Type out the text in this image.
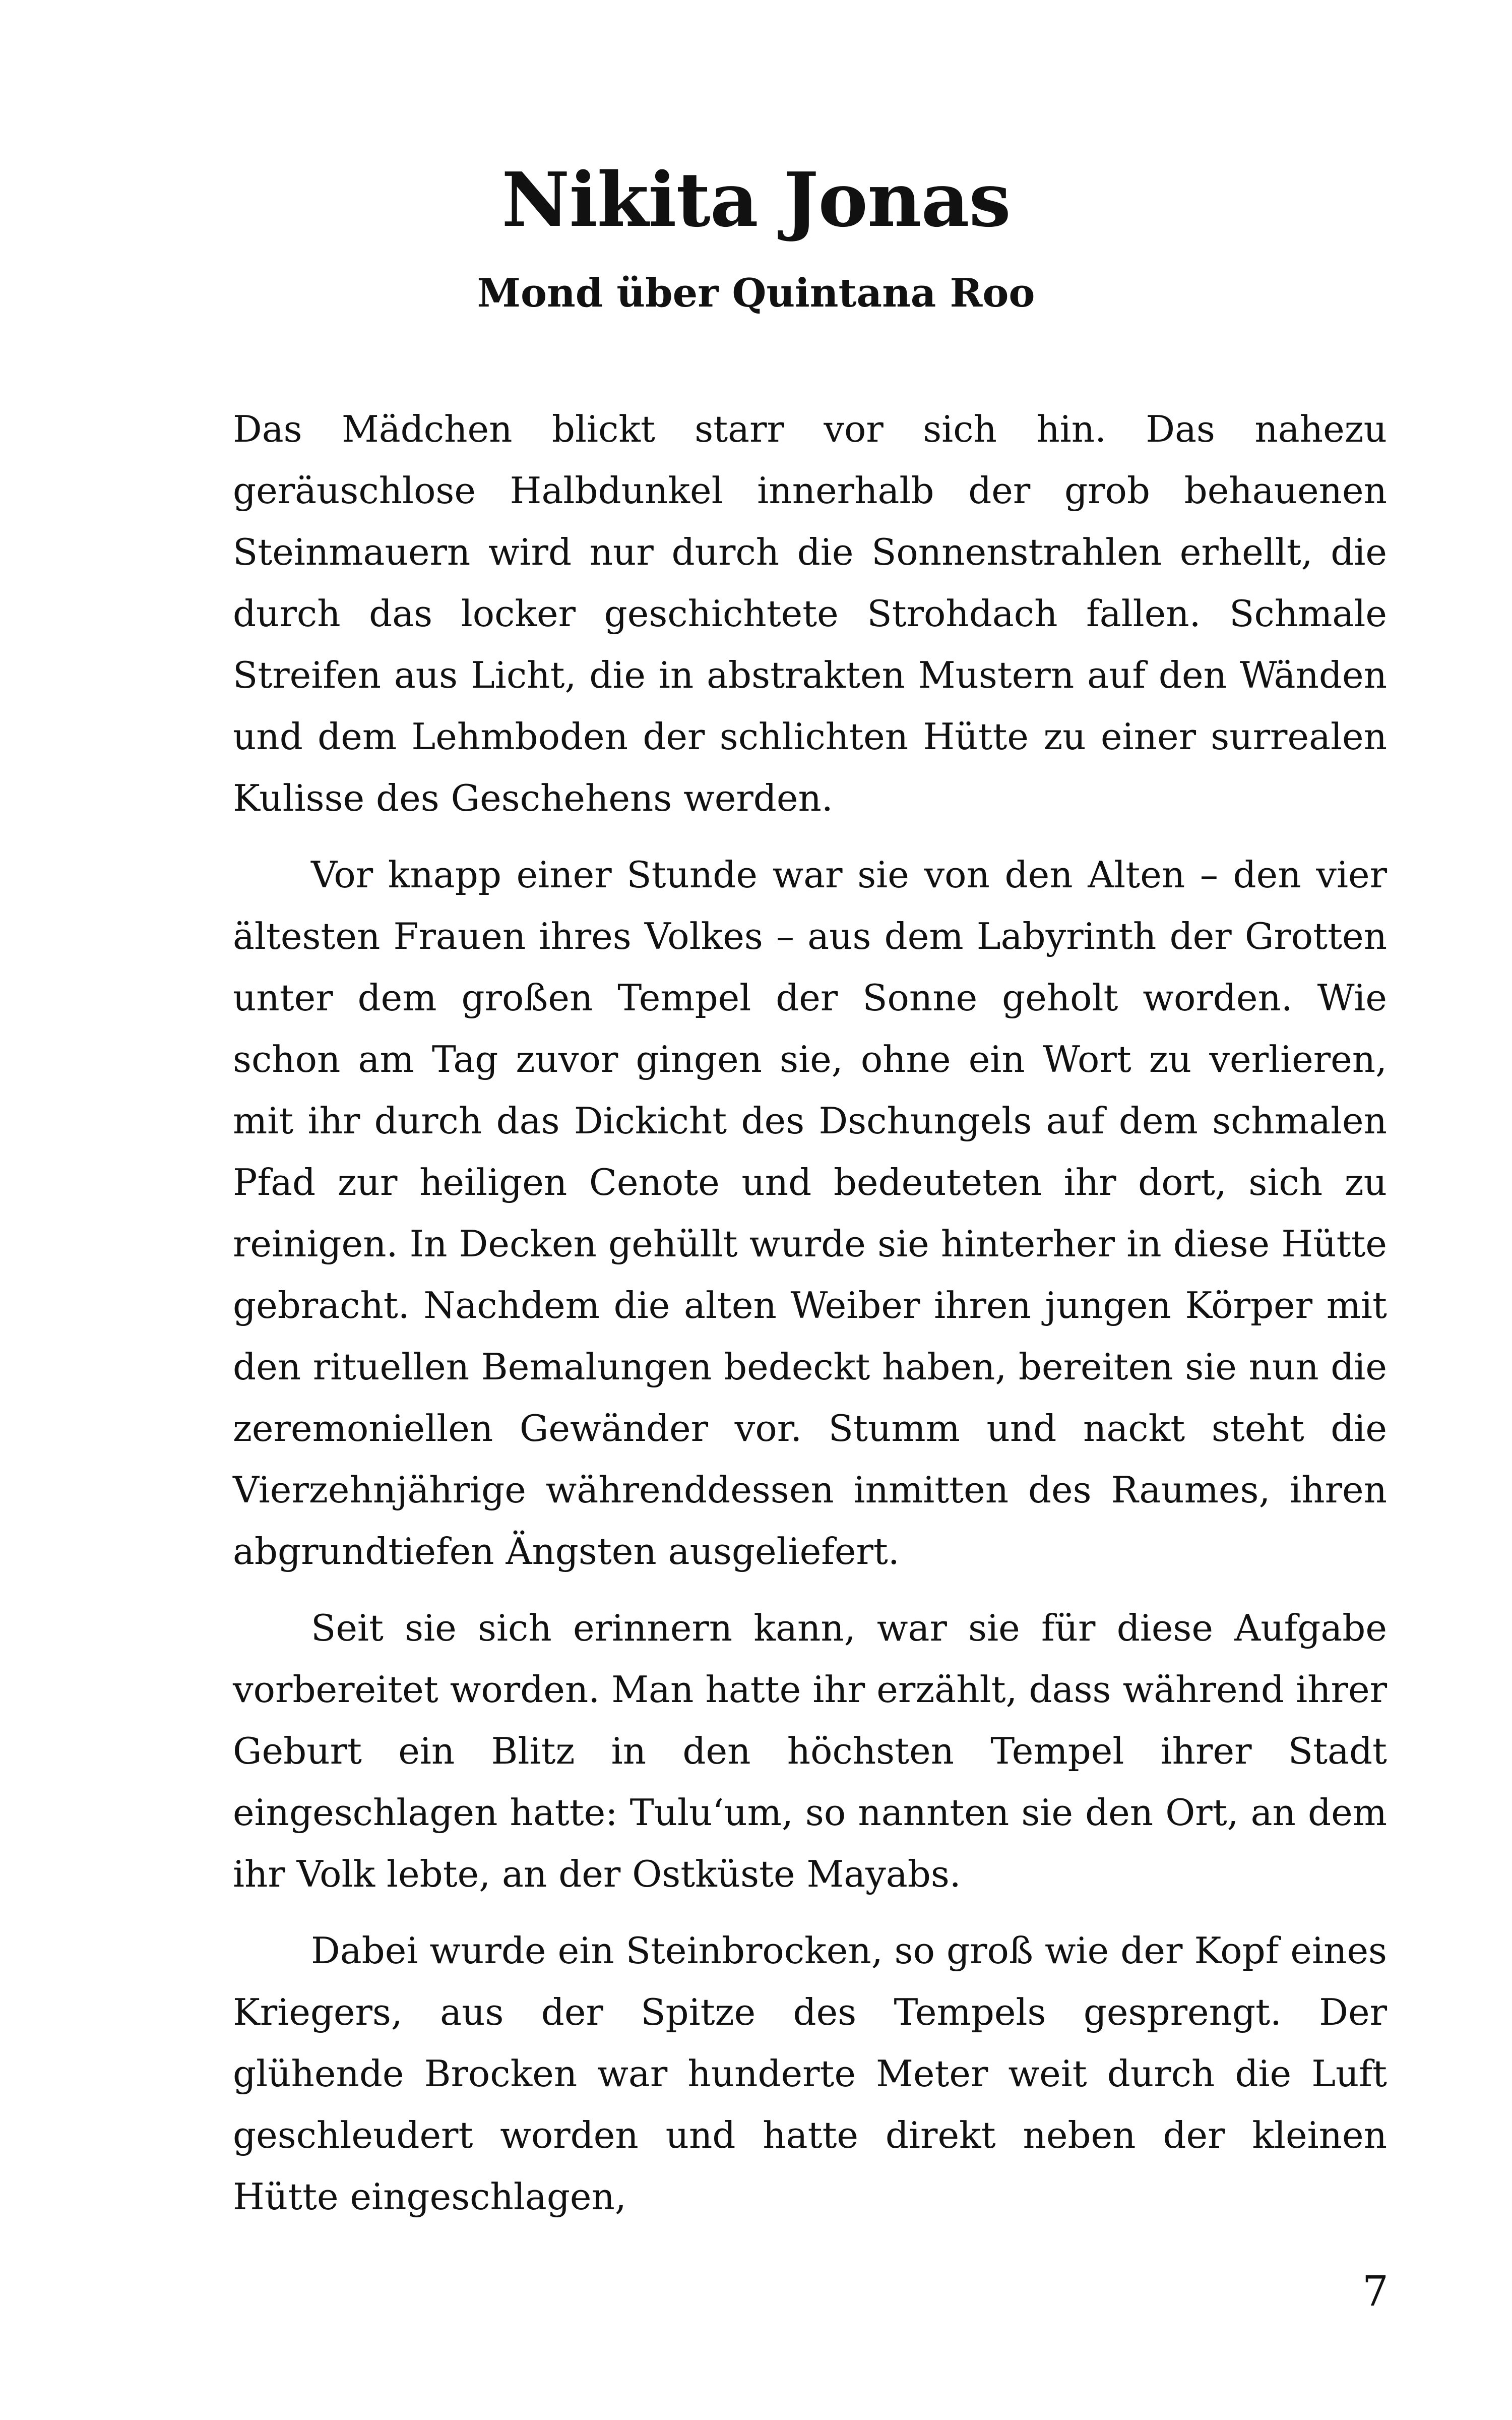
Nikita Jonas
Mond über Quintana Roo

Das Mädchen blickt starr vor sich hin. Das nahezu geräuschlose Halbdunkel innerhalb der grob behauenen Steinmauern wird nur durch die Sonnenstrahlen erhellt, die durch das locker geschichtete Strohdach fallen. Schmale Streifen aus Licht, die in abstrakten Mustern auf den Wänden und dem Lehmboden der schlichten Hütte zu einer surrealen Kulisse des Geschehens werden.

Vor knapp einer Stunde war sie von den Alten – den vier ältesten Frauen ihres Volkes – aus dem Labyrinth der Grotten unter dem großen Tempel der Sonne geholt worden. Wie schon am Tag zuvor gingen sie, ohne ein Wort zu verlieren, mit ihr durch das Dickicht des Dschungels auf dem schmalen Pfad zur heiligen Cenote und bedeuteten ihr dort, sich zu reinigen. In Decken gehüllt wurde sie hinterher in diese Hütte gebracht. Nachdem die alten Weiber ihren jungen Körper mit den rituellen Bemalungen bedeckt haben, bereiten sie nun die zeremoniellen Gewänder vor. Stumm und nackt steht die Vierzehnjährige währenddessen inmitten des Raumes, ihren abgrundtiefen Ängsten ausgeliefert.

Seit sie sich erinnern kann, war sie für diese Aufgabe vorbereitet worden. Man hatte ihr erzählt, dass während ihrer Geburt ein Blitz in den höchsten Tempel ihrer Stadt eingeschlagen hatte: Tulu‘um, so nannten sie den Ort, an dem ihr Volk lebte, an der Ostküste Mayabs.

Dabei wurde ein Steinbrocken, so groß wie der Kopf eines Kriegers, aus der Spitze des Tempels gesprengt. Der glühende Brocken war hunderte Meter weit durch die Luft geschleudert worden und hatte direkt neben der kleinen Hütte eingeschlagen,

7
